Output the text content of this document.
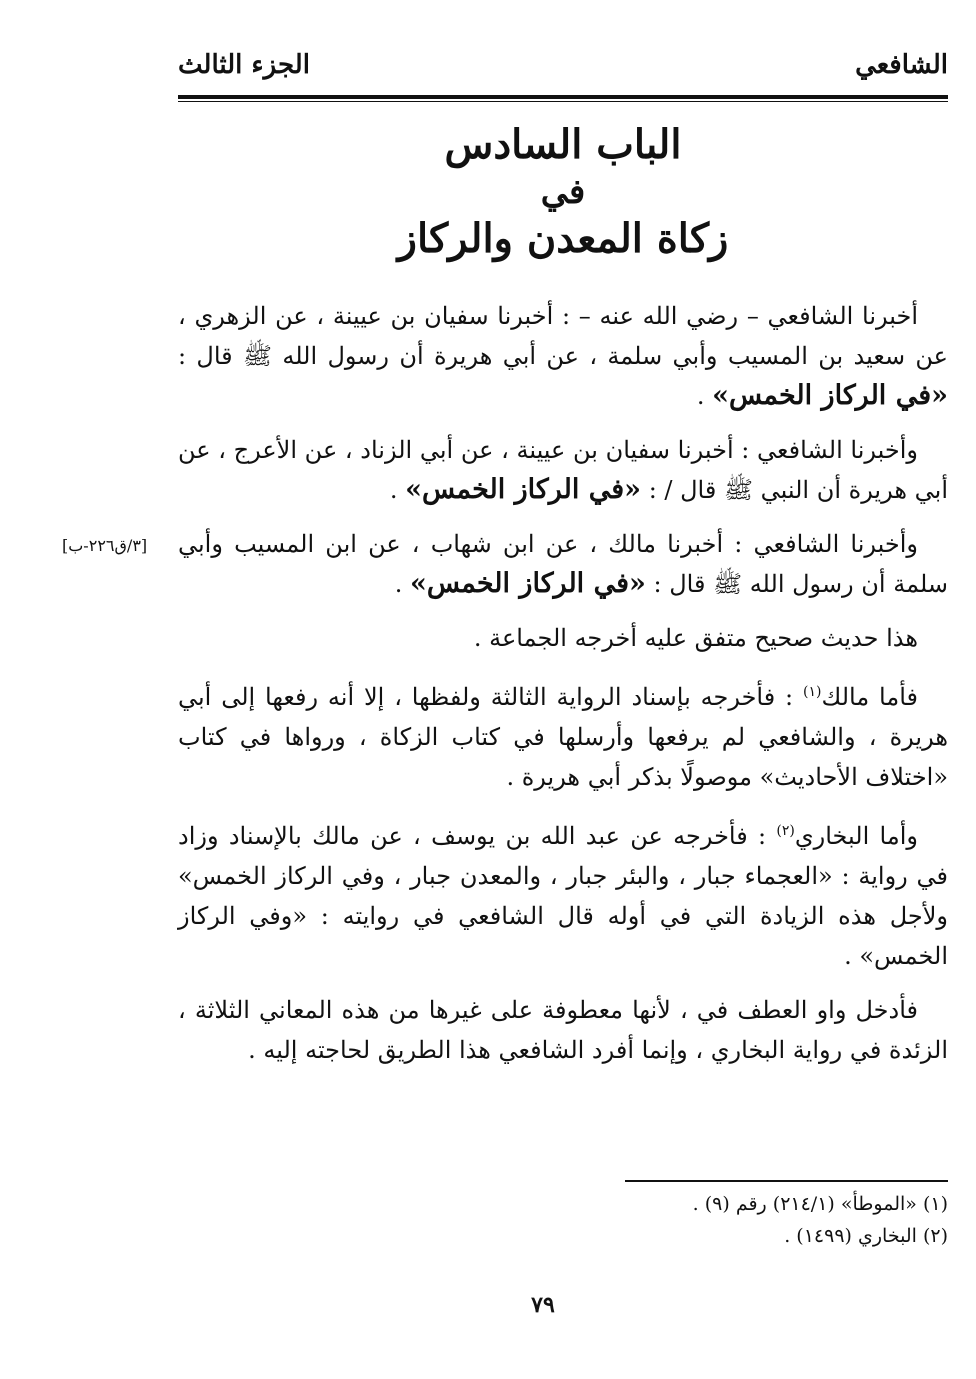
الشافعي
الجزء الثالث
الباب السادس
في
زكاة المعدن والركاز
[٣/ق٢٢٦-ب]

أخبرنا الشافعي – رضي الله عنه – : أخبرنا سفيان بن عيينة ، عن الزهري ، عن سعيد بن المسيب وأبي سلمة ، عن أبي هريرة أن رسول الله ﷺ قال : «في الركاز الخمس» .

وأخبرنا الشافعي : أخبرنا سفيان بن عيينة ، عن أبي الزناد ، عن الأعرج ، عن أبي هريرة أن النبي ﷺ قال / : «في الركاز الخمس» .

وأخبرنا الشافعي : أخبرنا مالك ، عن ابن شهاب ، عن ابن المسيب وأبي سلمة أن رسول الله ﷺ قال : «في الركاز الخمس» .

هذا حديث صحيح متفق عليه أخرجه الجماعة .

فأما مالك$^{(١)}$ : فأخرجه بإسناد الرواية الثالثة ولفظها ، إلا أنه رفعها إلى أبي هريرة ، والشافعي لم يرفعها وأرسلها في كتاب الزكاة ، ورواها في كتاب «اختلاف الأحاديث» موصولًا بذكر أبي هريرة .

وأما البخاري$^{(٢)}$ : فأخرجه عن عبد الله بن يوسف ، عن مالك بالإسناد وزاد في رواية : «العجماء جبار ، والبئر جبار ، والمعدن جبار ، وفي الركاز الخمس» ولأجل هذه الزيادة التي في أوله قال الشافعي في روايته : «وفي الركاز الخمس» .

فأدخل واو العطف في ، لأنها معطوفة على غيرها من هذه المعاني الثلاثة ، الزئدة في رواية البخاري ، وإنما أفرد الشافعي هذا الطريق لحاجته إليه .

(١) «الموطأ» (٢١٤/١) رقم (٩) .
(٢) البخاري (١٤٩٩) .
٧٩
